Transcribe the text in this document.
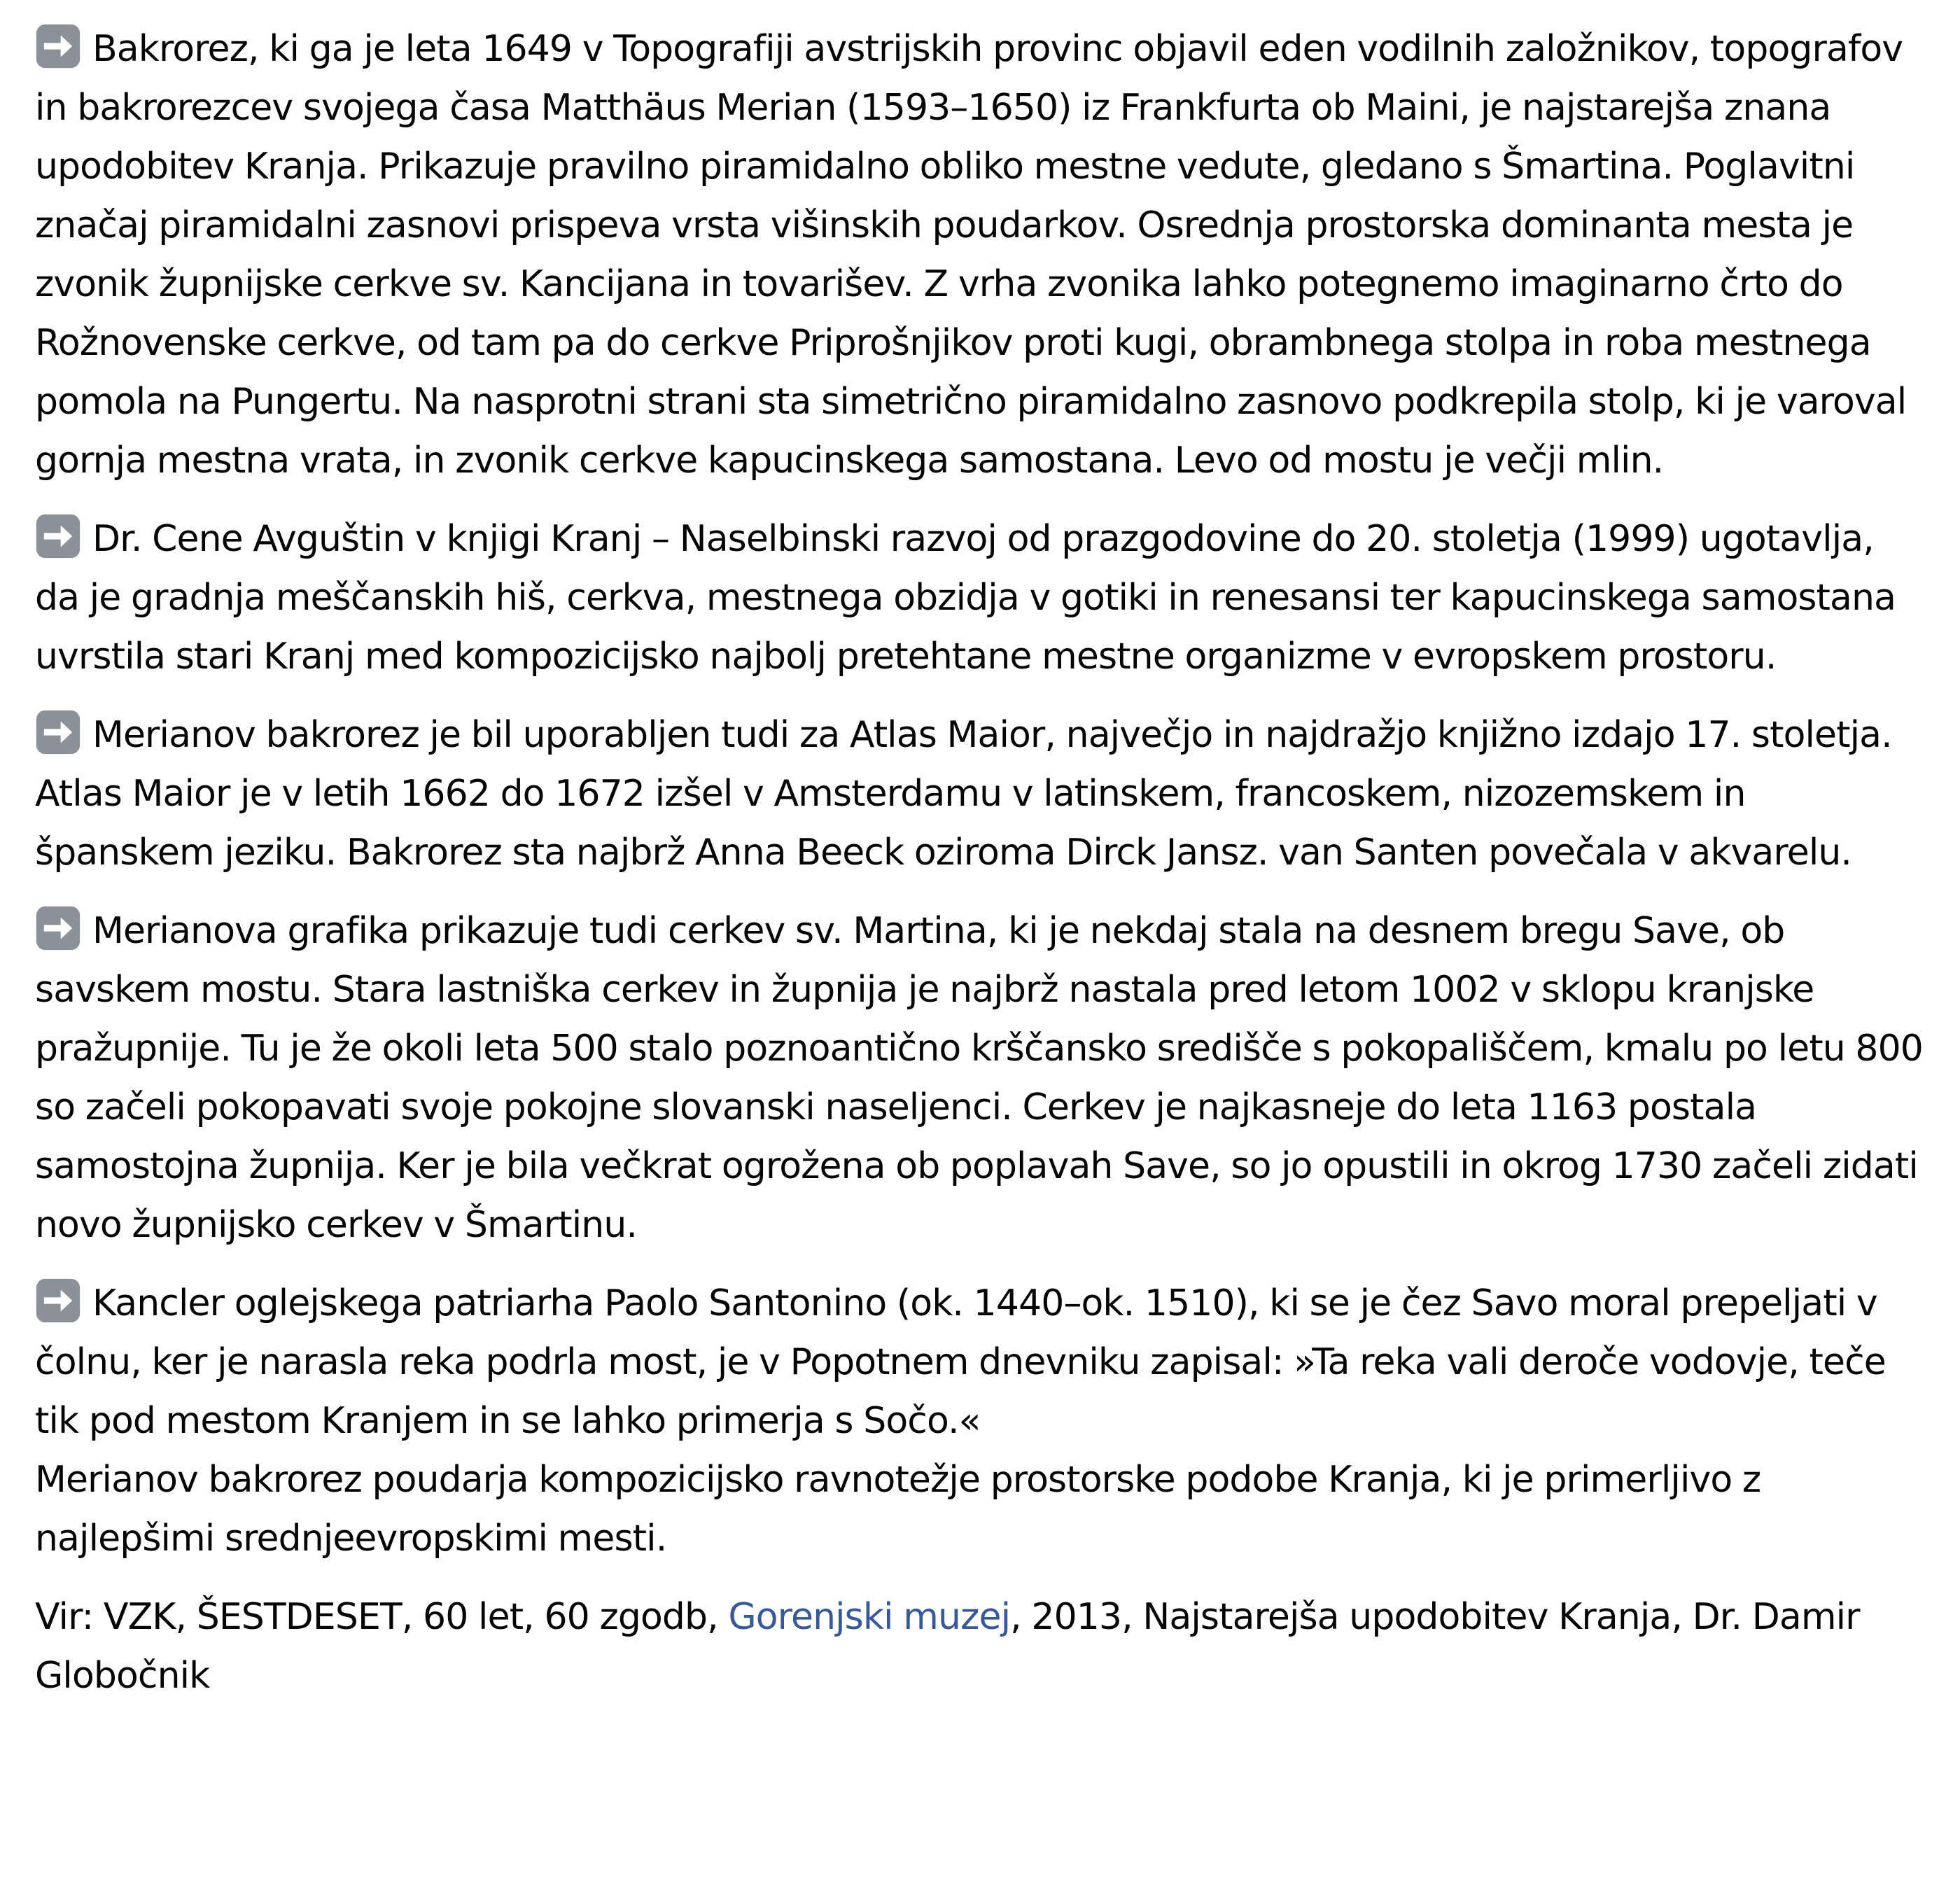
Bakrorez, ki ga je leta 1649 v Topografiji avstrijskih provinc objavil eden vodilnih založnikov, topografov in bakrorezcev svojega časa Matthäus Merian (1593–1650) iz Frankfurta ob Maini, je najstarejša znana upodobitev Kranja. Prikazuje pravilno piramidalno obliko mestne vedute, gledano s Šmartina. Poglavitni značaj piramidalni zasnovi prispeva vrsta višinskih poudarkov. Osrednja prostorska dominanta mesta je zvonik župnijske cerkve sv. Kancijana in tovarišev. Z vrha zvonika lahko potegnemo imaginarno črto do Rožnovenske cerkve, od tam pa do cerkve Priprošnjikov proti kugi, obrambnega stolpa in roba mestnega pomola na Pungertu. Na nasprotni strani sta simetrično piramidalno zasnovo podkrepila stolp, ki je varoval gornja mestna vrata, in zvonik cerkve kapucinskega samostana. Levo od mostu je večji mlin.

Dr. Cene Avguštin v knjigi Kranj – Naselbinski razvoj od prazgodovine do 20. stoletja (1999) ugotavlja, da je gradnja meščanskih hiš, cerkva, mestnega obzidja v gotiki in renesansi ter kapucinskega samostana uvrstila stari Kranj med kompozicijsko najbolj pretehtane mestne organizme v evropskem prostoru.

Merianov bakrorez je bil uporabljen tudi za Atlas Maior, največjo in najdražjo knjižno izdajo 17. stoletja. Atlas Maior je v letih 1662 do 1672 izšel v Amsterdamu v latinskem, francoskem, nizozemskem in španskem jeziku. Bakrorez sta najbrž Anna Beeck oziroma Dirck Jansz. van Santen povečala v akvarelu.

Merianova grafika prikazuje tudi cerkev sv. Martina, ki je nekdaj stala na desnem bregu Save, ob savskem mostu. Stara lastniška cerkev in župnija je najbrž nastala pred letom 1002 v sklopu kranjske pražupnije. Tu je že okoli leta 500 stalo poznoantično krščansko središče s pokopališčem, kmalu po letu 800 so začeli pokopavati svoje pokojne slovanski naseljenci. Cerkev je najkasneje do leta 1163 postala samostojna župnija. Ker je bila večkrat ogrožena ob poplavah Save, so jo opustili in okrog 1730 začeli zidati novo župnijsko cerkev v Šmartinu.

Kancler oglejskega patriarha Paolo Santonino (ok. 1440–ok. 1510), ki se je čez Savo moral prepeljati v čolnu, ker je narasla reka podrla most, je v Popotnem dnevniku zapisal: »Ta reka vali deroče vodovje, teče tik pod mestom Kranjem in se lahko primerja s Sočo.«
Merianov bakrorez poudarja kompozicijsko ravnotežje prostorske podobe Kranja, ki je primerljivo z najlepšimi srednjeevropskimi mesti.

Vir: VZK, ŠESTDESET, 60 let, 60 zgodb, Gorenjski muzej, 2013, Najstarejša upodobitev Kranja, Dr. Damir Globočnik
